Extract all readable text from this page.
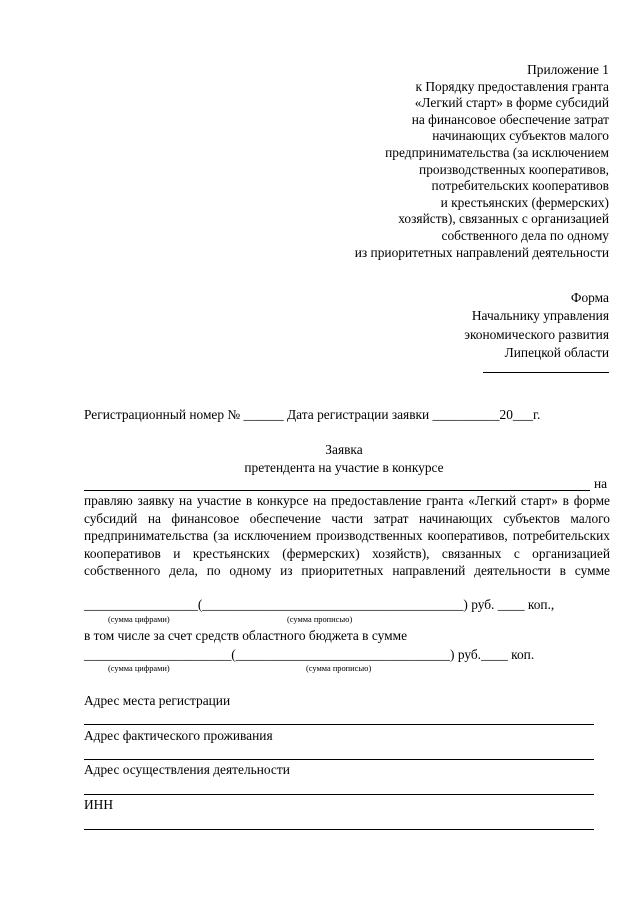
Приложение 1
к Порядку предоставления гранта
«Легкий старт» в форме субсидий
на финансовое обеспечение затрат
начинающих субъектов малого
предпринимательства (за исключением
производственных кооперативов,
потребительских кооперативов
и крестьянских (фермерских)
хозяйств), связанных с организацией
собственного дела по одному
из приоритетных направлений деятельности
Форма
Начальнику управления
экономического развития
Липецкой области
Регистрационный номер № ______ Дата регистрации заявки __________20___г.
Заявка
претендента на участие в конкурсе
на
правляю заявку на участие в конкурсе на предоставление гранта «Легкий старт» в форме субсидий на финансовое обеспечение части затрат начинающих субъектов малого предпринимательства (за исключением производственных кооперативов, потребительских кооперативов и крестьянских (фермерских) хозяйств), связанных с организацией собственного дела, по одному из приоритетных направлений деятельности в сумме
_________________(_______________________________________) руб. ____ коп.,
(сумма цифрами)	(сумма прописью)
в том числе за счет средств областного бюджета в сумме
______________________(________________________________) руб.____ коп.
(сумма цифрами)	(сумма прописью)
Адрес места регистрации
Адрес фактического проживания
Адрес осуществления деятельности
ИНН
